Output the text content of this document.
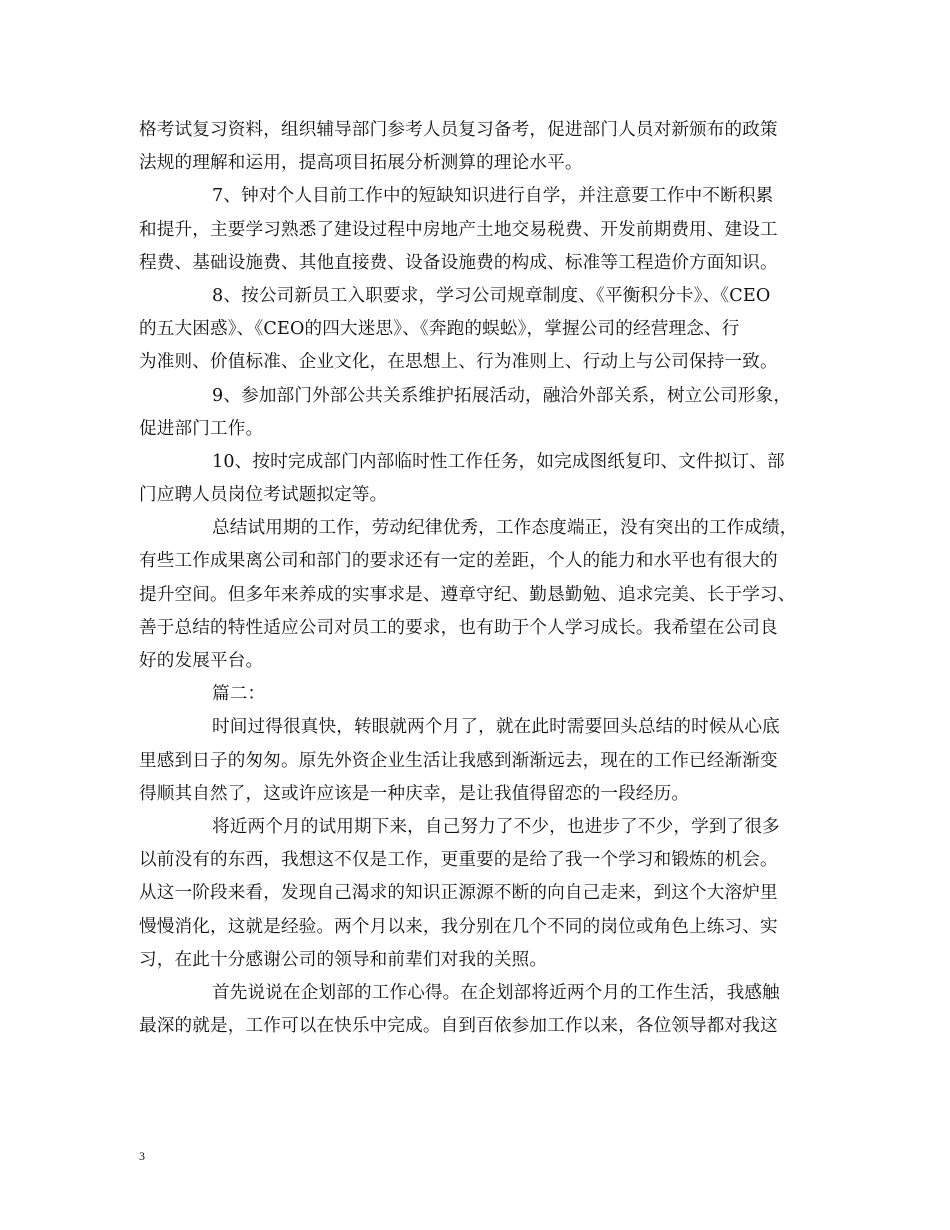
格考试复习资料，组织辅导部门参考人员复习备考，促进部门人员对新颁布的政策
法规的理解和运用，提高项目拓展分析测算的理论水平。
7、钟对个人目前工作中的短缺知识进行自学，并注意要工作中不断积累
和提升，主要学习熟悉了建设过程中房地产土地交易税费、开发前期费用、建设工
程费、基础设施费、其他直接费、设备设施费的构成、标准等工程造价方面知识。
8、按公司新员工入职要求，学习公司规章制度、《平衡积分卡》、《CEO
的五大困惑》、《CEO的四大迷思》、《奔跑的蜈蚣》，掌握公司的经营理念、行
为准则、价值标准、企业文化，在思想上、行为准则上、行动上与公司保持一致。
9、参加部门外部公共关系维护拓展活动，融洽外部关系，树立公司形象，
促进部门工作。
10、按时完成部门内部临时性工作任务，如完成图纸复印、文件拟订、部
门应聘人员岗位考试题拟定等。
总结试用期的工作，劳动纪律优秀，工作态度端正，没有突出的工作成绩，
有些工作成果离公司和部门的要求还有一定的差距，个人的能力和水平也有很大的
提升空间。但多年来养成的实事求是、遵章守纪、勤恳勤勉、追求完美、长于学习、
善于总结的特性适应公司对员工的要求，也有助于个人学习成长。我希望在公司良
好的发展平台。
篇二：
时间过得很真快，转眼就两个月了，就在此时需要回头总结的时候从心底
里感到日子的匆匆。原先外资企业生活让我感到渐渐远去，现在的工作已经渐渐变
得顺其自然了，这或许应该是一种庆幸，是让我值得留恋的一段经历。
将近两个月的试用期下来，自己努力了不少，也进步了不少，学到了很多
以前没有的东西，我想这不仅是工作，更重要的是给了我一个学习和锻炼的机会。
从这一阶段来看，发现自己渴求的知识正源源不断的向自己走来，到这个大溶炉里
慢慢消化，这就是经验。两个月以来，我分别在几个不同的岗位或角色上练习、实
习，在此十分感谢公司的领导和前辈们对我的关照。
首先说说在企划部的工作心得。在企划部将近两个月的工作生活，我感触
最深的就是，工作可以在快乐中完成。自到百依参加工作以来，各位领导都对我这
3
